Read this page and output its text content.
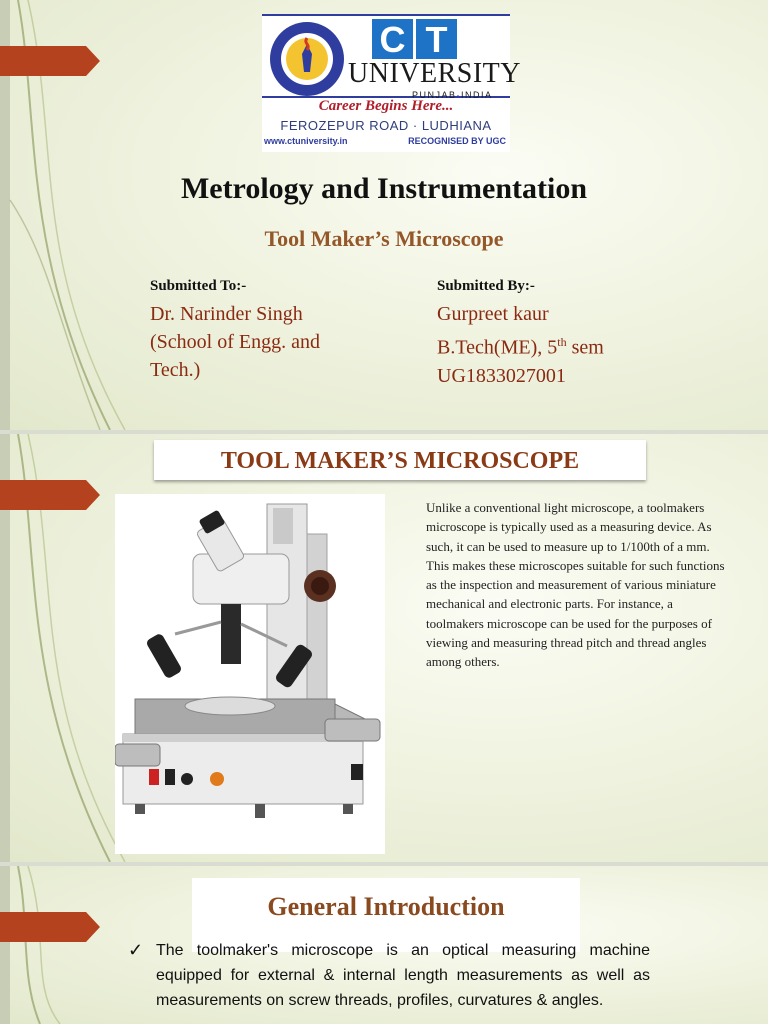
C T
UNIVERSITY
PUNJAB·INDIA
Career Begins Here...
FEROZEPUR ROAD · LUDHIANA
www.ctuniversity.in	RECOGNISED BY UGC
Metrology and Instrumentation
Tool Maker’s Microscope
Submitted To:-
Dr. Narinder Singh
(School of Engg. and
Tech.)
Submitted By:-
Gurpreet kaur
B.Tech(ME), 5th sem
UG1833027001
TOOL MAKER’S MICROSCOPE
Unlike a conventional light microscope, a toolmakers microscope is typically used as a measuring device. As such, it can be used to measure up to 1/100th of a mm. This makes these microscopes suitable for such functions as the inspection and measurement of various miniature mechanical and electronic parts. For instance, a toolmakers microscope can be used for the purposes of viewing and measuring thread pitch and thread angles among others.
General Introduction
✓ The toolmaker's microscope is an optical measuring machine equipped for external & internal length measurements as well as measurements on screw threads, profiles, curvatures & angles.
